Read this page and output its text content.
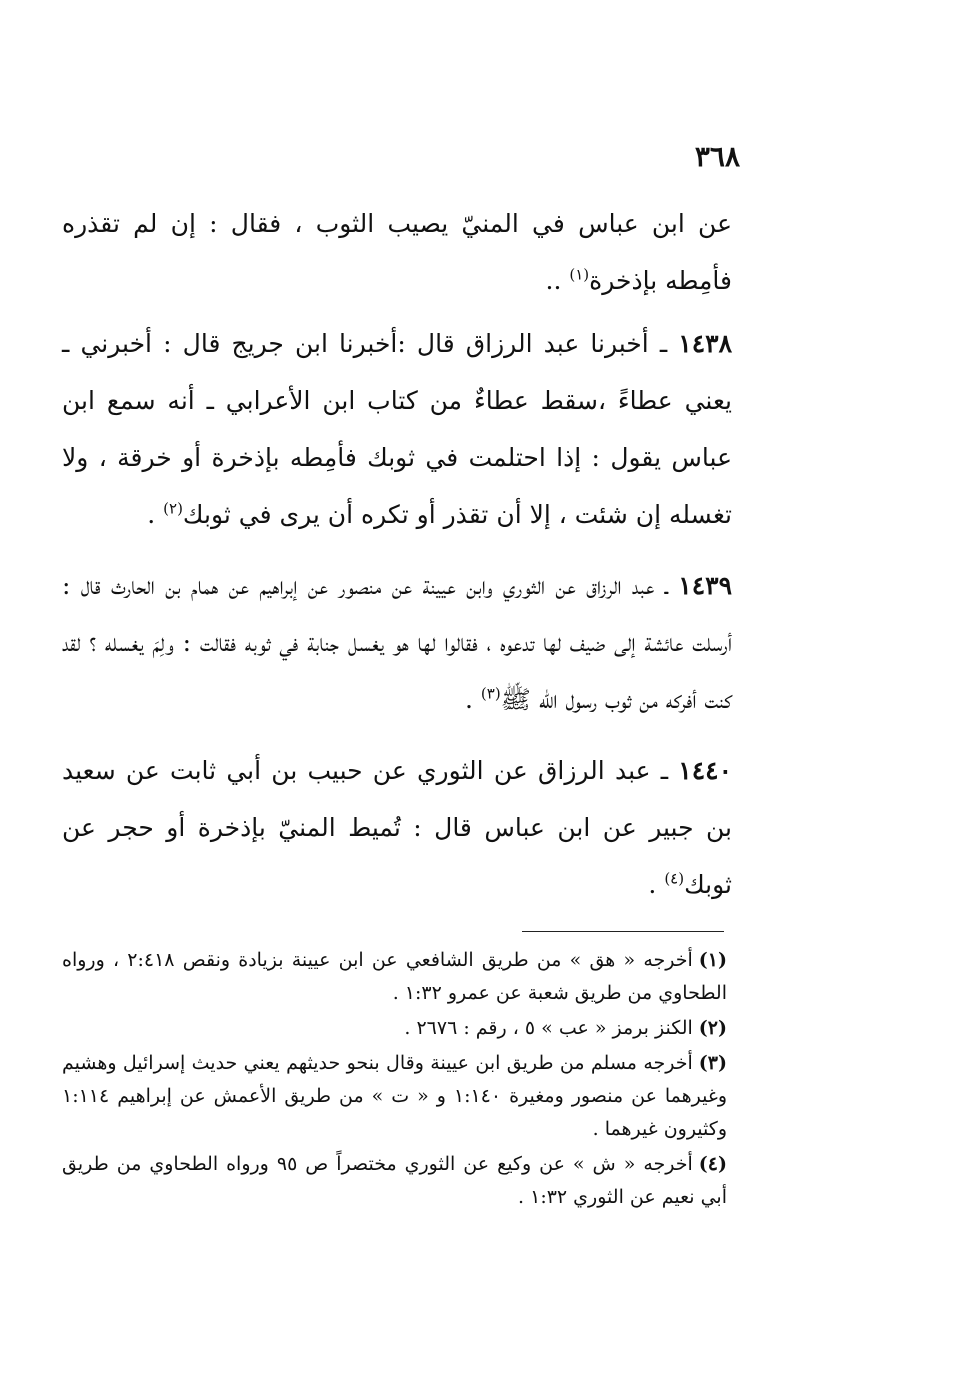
٣٦٨

عن ابن عباس في المنيّ يصيب الثوب ، فقال : إن لم تقذره فأمِطه بإذخرة$^{(١)}$ ..

١٤٣٨ ـ أخبرنا عبد الرزاق قال :أخبرنا ابن جريج قال : أخبرني ـ يعني عطاءً ،سقط عطاءٌ من كتاب ابن الأعرابي ـ أنه سمع ابن عباس يقول : إذا احتلمت في ثوبك فأمِطه بإذخرة أو خرقة ، ولا تغسله إن شئت ، إلا أن تقذر أو تكره أن يرى في ثوبك$^{(٢)}$ .

١٤٣٩ ـ عبد الرزاق عن الثوري وابن عيينة عن منصور عن إبراهيم عن همام بن الحارث قال : أرسلت عائشة إلى ضيف لها تدعوه ، فقالوا لها هو يغسل جنابة في ثوبه فقالت : ولِمَ يغسله ؟ لقد كنت أفركه من ثوب رسول الله ﷺ$^{(٣)}$ .

١٤٤٠ ـ عبد الرزاق عن الثوري عن حبيب بن أبي ثابت عن سعيد بن جبير عن ابن عباس قال : تُميط المنيّ بإذخرة أو حجر عن ثوبك$^{(٤)}$ .

(١)أخرجه « هق » من طريق الشافعي عن ابن عيينة بزيادة ونقص ٢:٤١٨ ، ورواه الطحاوي من طريق شعبة عن عمرو ١:٣٢ .

(٢)الكنز برمز « عب » ٥ ، رقم : ٢٦٧٦ .

(٣)أخرجه مسلم من طريق ابن عيينة وقال بنحو حديثهم يعني حديث إسرائيل وهشيم وغيرهما عن منصور ومغيرة ١:١٤٠ و « ت » من طريق الأعمش عن إبراهيم ١:١١٤ وكثيرون غيرهما .

(٤)أخرجه « ش » عن وكيع عن الثوري مختصراً ص ٩٥ ورواه الطحاوي من طريق أبي نعيم عن الثوري ١:٣٢ .
